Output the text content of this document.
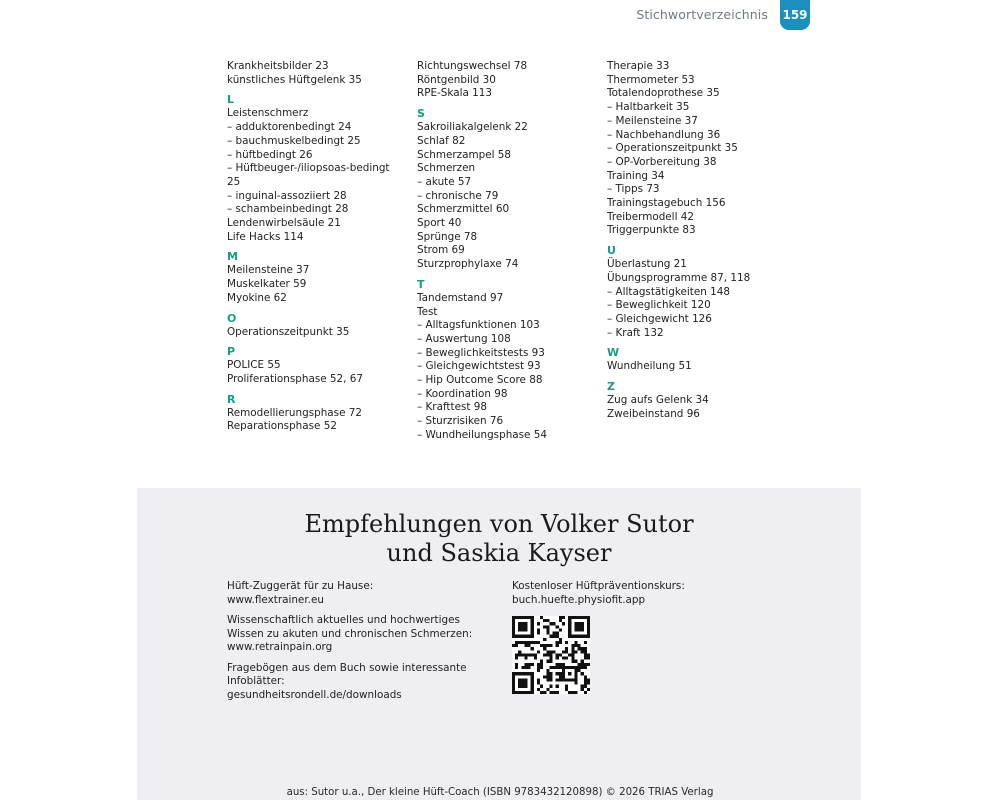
Stichwortverzeichnis 159
Krankheitsbilder 23
künstliches Hüftgelenk 35
L
Leistenschmerz
– adduktorenbedingt 24
– bauchmuskelbedingt 25
– hüftbedingt 26
– Hüftbeuger-/iliopsoas-bedingt
25
– inguinal-assoziiert 28
– schambeinbedingt 28
Lendenwirbelsäule 21
Life Hacks 114
M
Meilensteine 37
Muskelkater 59
Myokine 62
O
Operationszeitpunkt 35
P
POLICE 55
Proliferationsphase 52, 67
R
Remodellierungsphase 72
Reparationsphase 52
Richtungswechsel 78
Röntgenbild 30
RPE-Skala 113
S
Sakroiliakalgelenk 22
Schlaf 82
Schmerzampel 58
Schmerzen
– akute 57
– chronische 79
Schmerzmittel 60
Sport 40
Sprünge 78
Strom 69
Sturzprophylaxe 74
T
Tandemstand 97
Test
– Alltagsfunktionen 103
– Auswertung 108
– Beweglichkeitstests 93
– Gleichgewichtstest 93
– Hip Outcome Score 88
– Koordination 98
– Krafttest 98
– Sturzrisiken 76
– Wundheilungsphase 54
Therapie 33
Thermometer 53
Totalendoprothese 35
– Haltbarkeit 35
– Meilensteine 37
– Nachbehandlung 36
– Operationszeitpunkt 35
– OP-Vorbereitung 38
Training 34
– Tipps 73
Trainingstagebuch 156
Treibermodell 42
Triggerpunkte 83
U
Überlastung 21
Übungsprogramme 87, 118
– Alltagstätigkeiten 148
– Beweglichkeit 120
– Gleichgewicht 126
– Kraft 132
W
Wundheilung 51
Z
Zug aufs Gelenk 34
Zweibeinstand 96
Empfehlungen von Volker Sutor
und Saskia Kayser
Hüft-Zuggerät für zu Hause:
www.flextrainer.eu
Wissenschaftlich aktuelles und hochwertiges
Wissen zu akuten und chronischen Schmerzen:
www.retrainpain.org
Fragebögen aus dem Buch sowie interessante
Infoblätter:
gesundheitsrondell.de/downloads
Kostenloser Hüftpräventionskurs:
buch.huefte.physiofit.app
aus: Sutor u.a., Der kleine Hüft-Coach (ISBN 9783432120898) © 2026 TRIAS Verlag
